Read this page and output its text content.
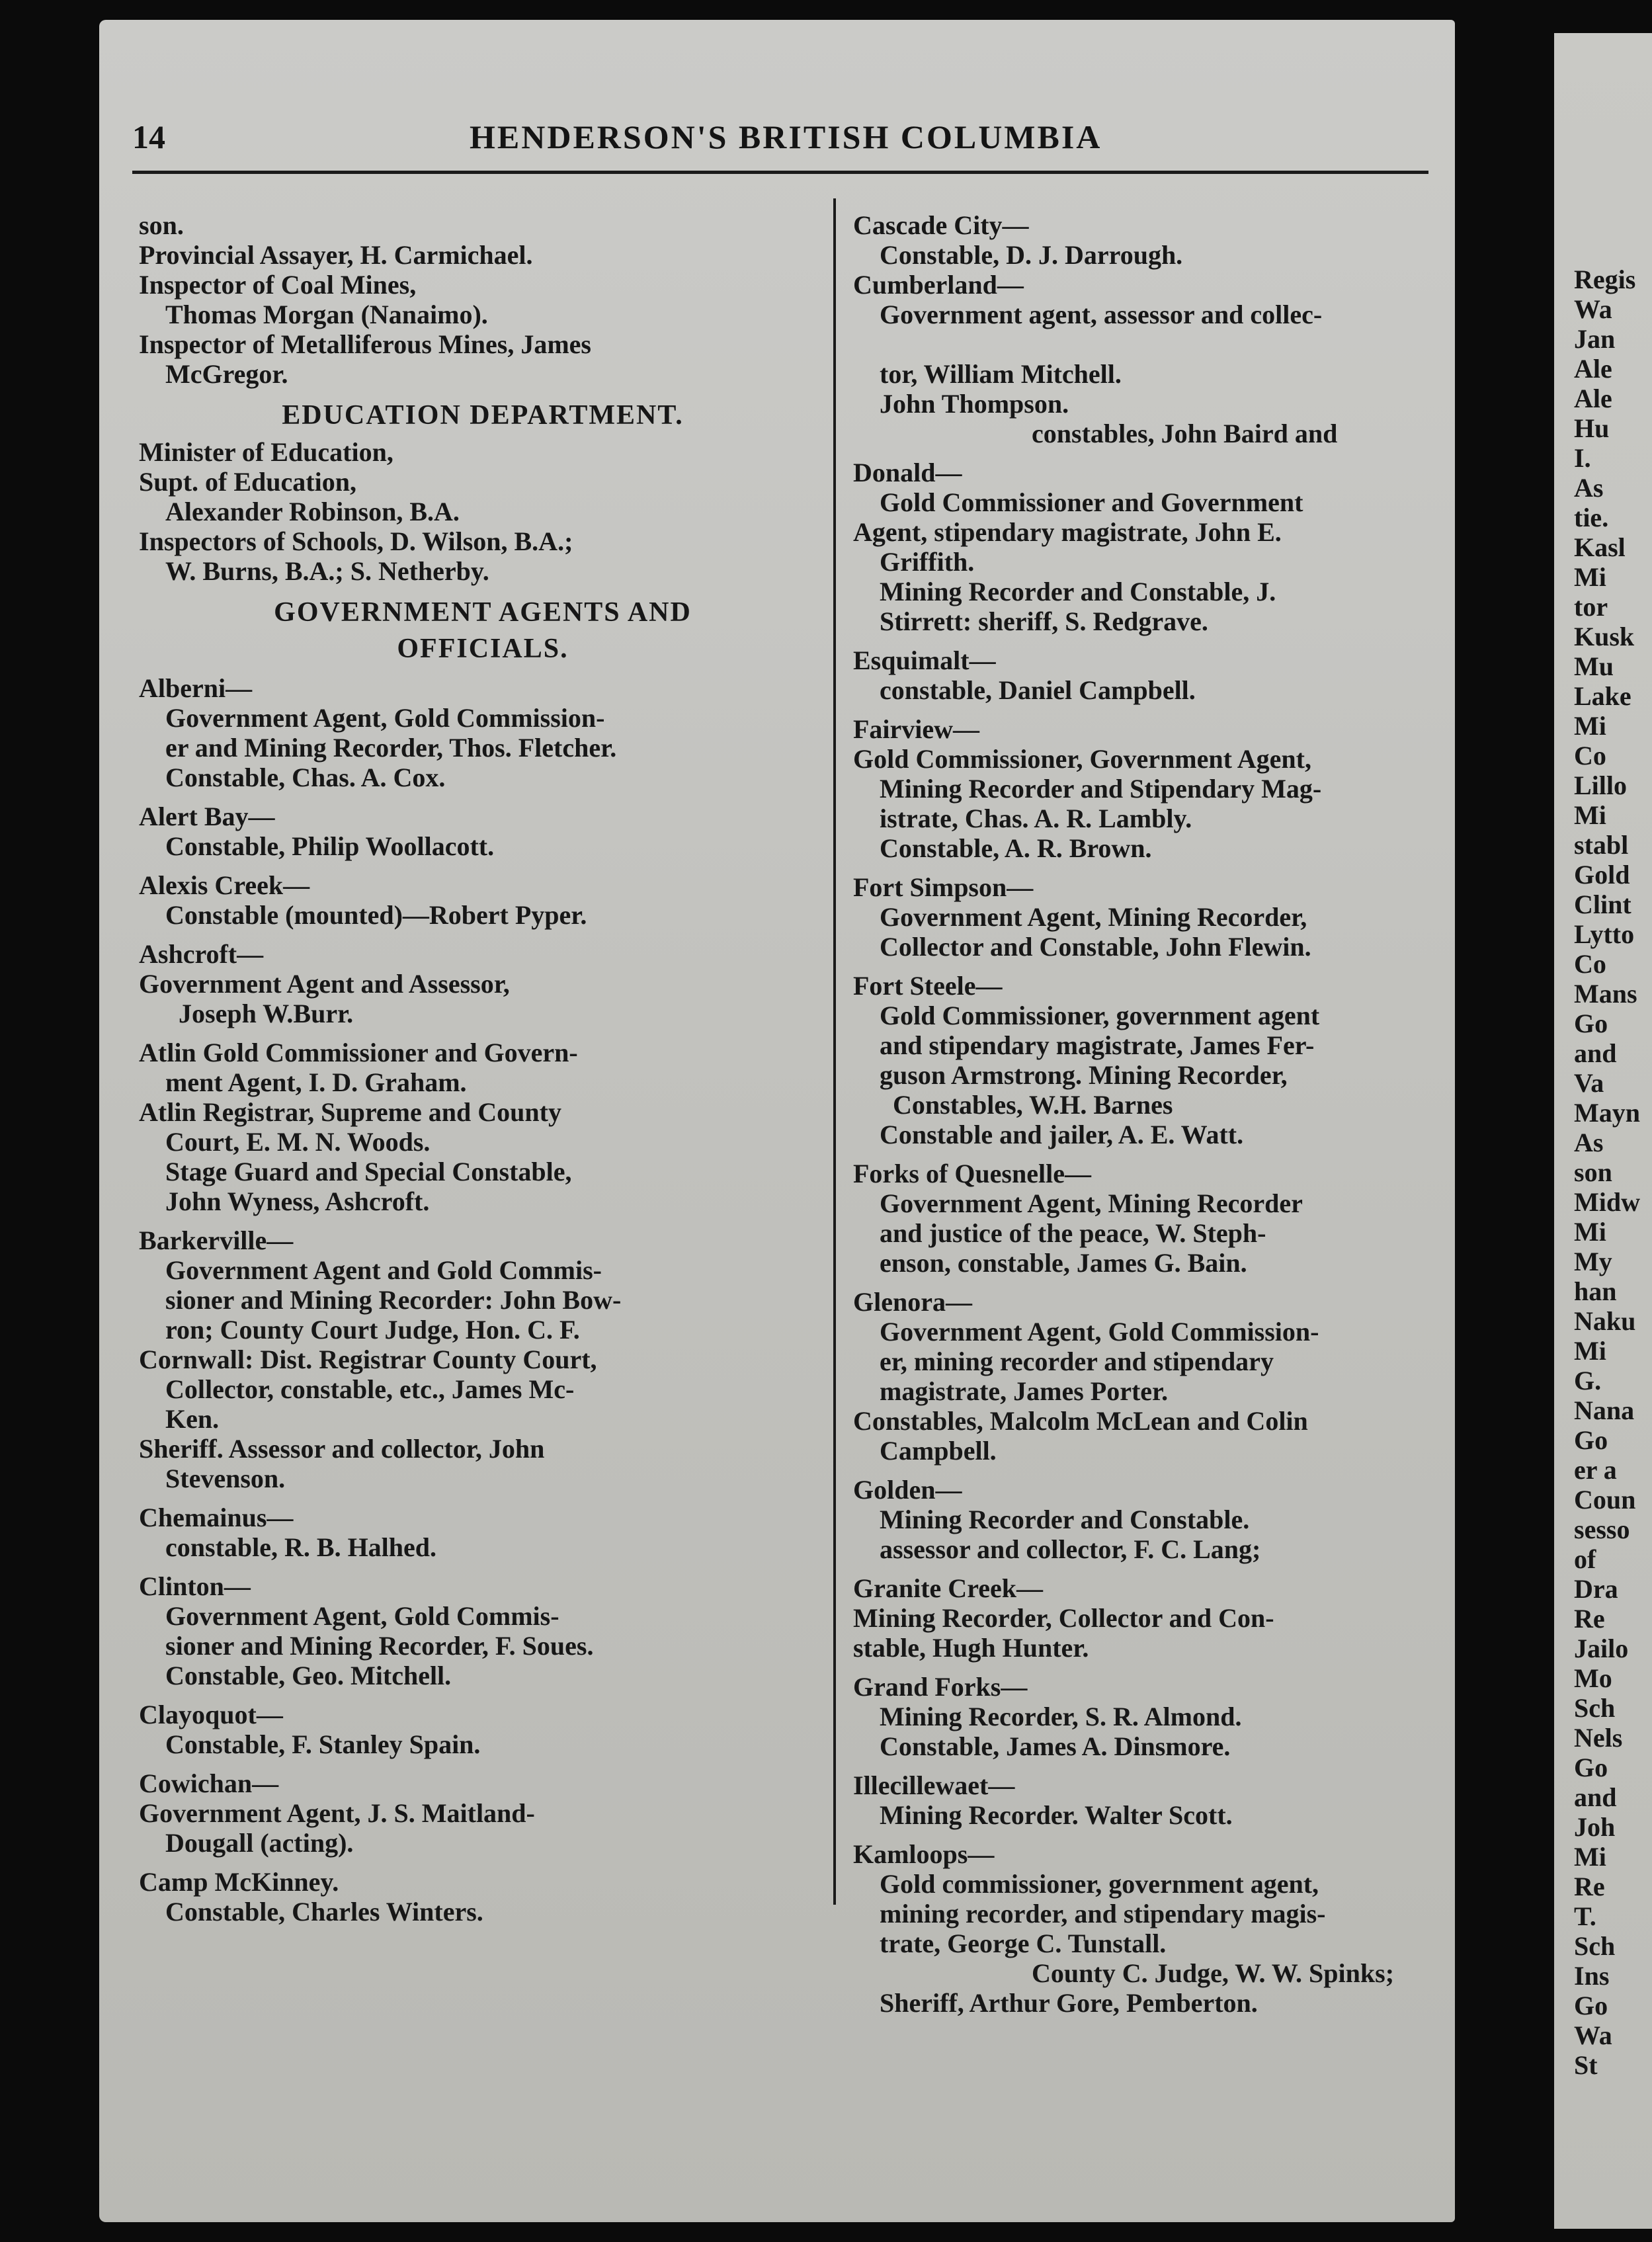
14	HENDERSON'S BRITISH COLUMBIA
son.
Provincial Assayer, H. Carmichael.
Inspector of Coal Mines,
Thomas Morgan (Nanaimo).
Inspector of Metalliferous Mines, James
McGregor.
EDUCATION DEPARTMENT.
Minister of Education,
Supt. of Education,
Alexander Robinson, B.A.
Inspectors of Schools, D. Wilson, B.A.;
W. Burns, B.A.; S. Netherby.
GOVERNMENT AGENTS AND
OFFICIALS.
Alberni—
Government Agent, Gold Commission-
er and Mining Recorder, Thos. Fletcher.
Constable, Chas. A. Cox.
Alert Bay—
Constable, Philip Woollacott.
Alexis Creek—
Constable (mounted)—Robert Pyper.
Ashcroft—
Government Agent and Assessor,
Joseph W.Burr.
Atlin Gold Commissioner and Govern-
ment Agent, I. D. Graham.
Atlin Registrar, Supreme and County
Court, E. M. N. Woods.
Stage Guard and Special Constable,
John Wyness, Ashcroft.
Barkerville—
Government Agent and Gold Commis-
sioner and Mining Recorder: John Bow-
ron; County Court Judge, Hon. C. F.
Cornwall: Dist. Registrar County Court,
Collector, constable, etc., James Mc-
Ken.
Sheriff. Assessor and collector, John
Stevenson.
Chemainus—
constable, R. B. Halhed.
Clinton—
Government Agent, Gold Commis-
sioner and Mining Recorder, F. Soues.
Constable, Geo. Mitchell.
Clayoquot—
Constable, F. Stanley Spain.
Cowichan—
Government Agent, J. S. Maitland-
Dougall (acting).
Camp McKinney.
Constable, Charles Winters.
Cascade City—
Constable, D. J. Darrough.
Cumberland—
Government agent, assessor and collec-

tor, William Mitchell.
John Thompson.
constables, John Baird and
Donald—
Gold Commissioner and Government
Agent, stipendary magistrate, John E.
Griffith.
Mining Recorder and Constable, J.
Stirrett: sheriff, S. Redgrave.
Esquimalt—
constable, Daniel Campbell.
Fairview—
Gold Commissioner, Government Agent,
Mining Recorder and Stipendary Mag-
istrate, Chas. A. R. Lambly.
Constable, A. R. Brown.
Fort Simpson—
Government Agent, Mining Recorder,
Collector and Constable, John Flewin.
Fort Steele—
Gold Commissioner, government agent
and stipendary magistrate, James Fer-
guson Armstrong. Mining Recorder,
Constables, W.H. Barnes
Constable and jailer, A. E. Watt.
Forks of Quesnelle—
Government Agent, Mining Recorder
and justice of the peace, W. Steph-
enson, constable, James G. Bain.
Glenora—
Government Agent, Gold Commission-
er, mining recorder and stipendary
magistrate, James Porter.
Constables, Malcolm McLean and Colin
Campbell.
Golden—
Mining Recorder and Constable.
assessor and collector, F. C. Lang;
Granite Creek—
Mining Recorder, Collector and Con-
stable, Hugh Hunter.
Grand Forks—
Mining Recorder, S. R. Almond.
Constable, James A. Dinsmore.
Illecillewaet—
Mining Recorder. Walter Scott.
Kamloops—
Gold commissioner, government agent,
mining recorder, and stipendary magis-
trate, George C. Tunstall.
County C. Judge, W. W. Spinks;
Sheriff, Arthur Gore, Pemberton.
Regis
Wa
Jan
Ale
Ale
Hu
I.
As
tie.
Kasl
Mi
tor
Kusk
Mu
Lake
Mi
Co
Lillo
Mi
stabl
Gold
Clint
Lytto
Co
Mans
Go
and
Va
Mayn
As
son
Midw
Mi
My
han
Naku
Mi
G.
Nana
Go
er a
Coun
sesso
of
Dra
Re
Jailo
Mo
Sch
Nels
Go
and
Joh
Mi
Re
T.
Sch
Ins
Go
Wa
St
